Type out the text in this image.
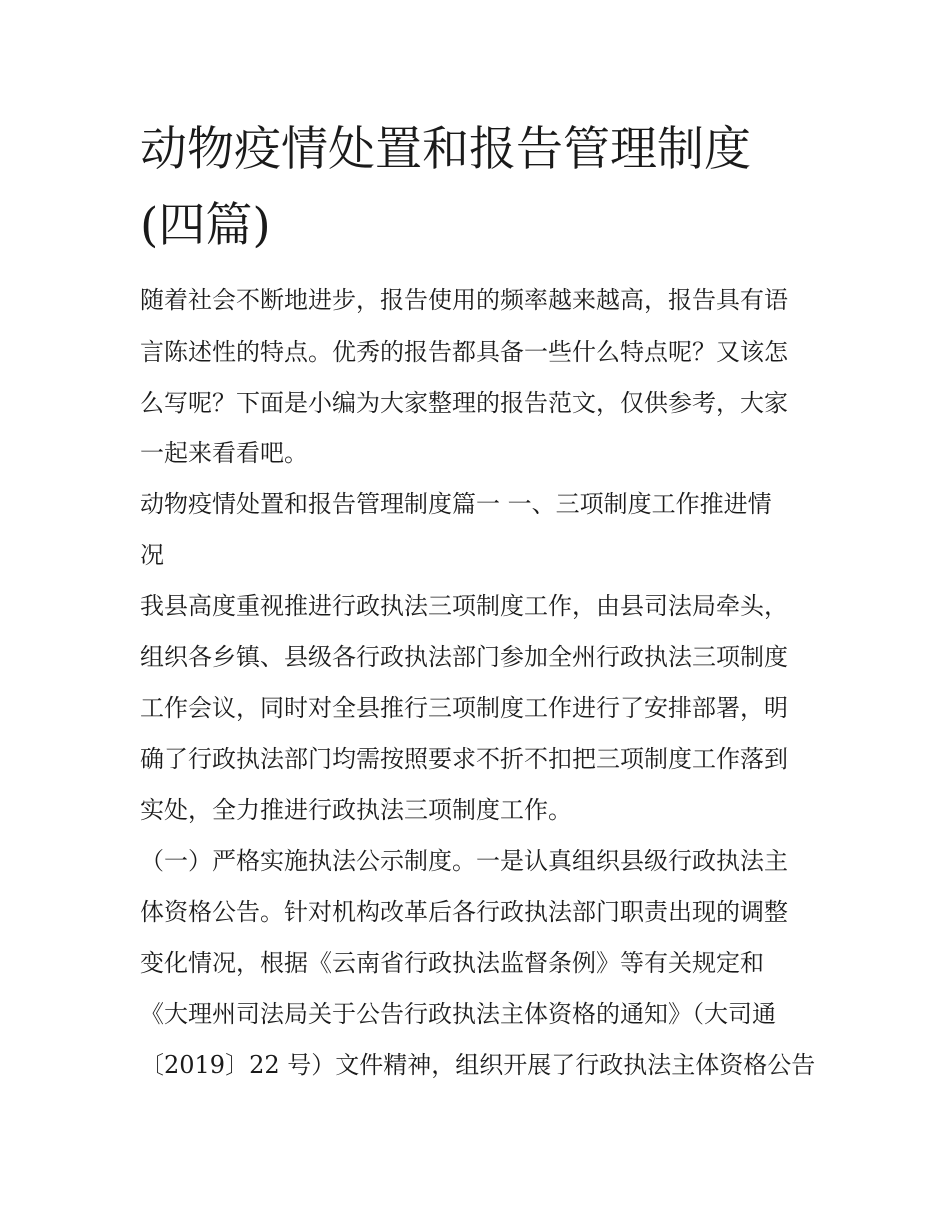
动物疫情处置和报告管理制度
(四篇)

随着社会不断地进步，报告使用的频率越来越高，报告具有语

言陈述性的特点。优秀的报告都具备一些什么特点呢？又该怎

么写呢？下面是小编为大家整理的报告范文，仅供参考，大家

一起来看看吧。

动物疫情处置和报告管理制度篇一 一、三项制度工作推进情

况

我县高度重视推进行政执法三项制度工作，由县司法局牵头，

组织各乡镇、县级各行政执法部门参加全州行政执法三项制度

工作会议，同时对全县推行三项制度工作进行了安排部署，明

确了行政执法部门均需按照要求不折不扣把三项制度工作落到

实处，全力推进行政执法三项制度工作。

（一）严格实施执法公示制度。一是认真组织县级行政执法主

体资格公告。针对机构改革后各行政执法部门职责出现的调整

变化情况，根据《云南省行政执法监督条例》等有关规定和

《大理州司法局关于公告行政执法主体资格的通知》（大司通

〔2019〕22 号）文件精神，组织开展了行政执法主体资格公告
